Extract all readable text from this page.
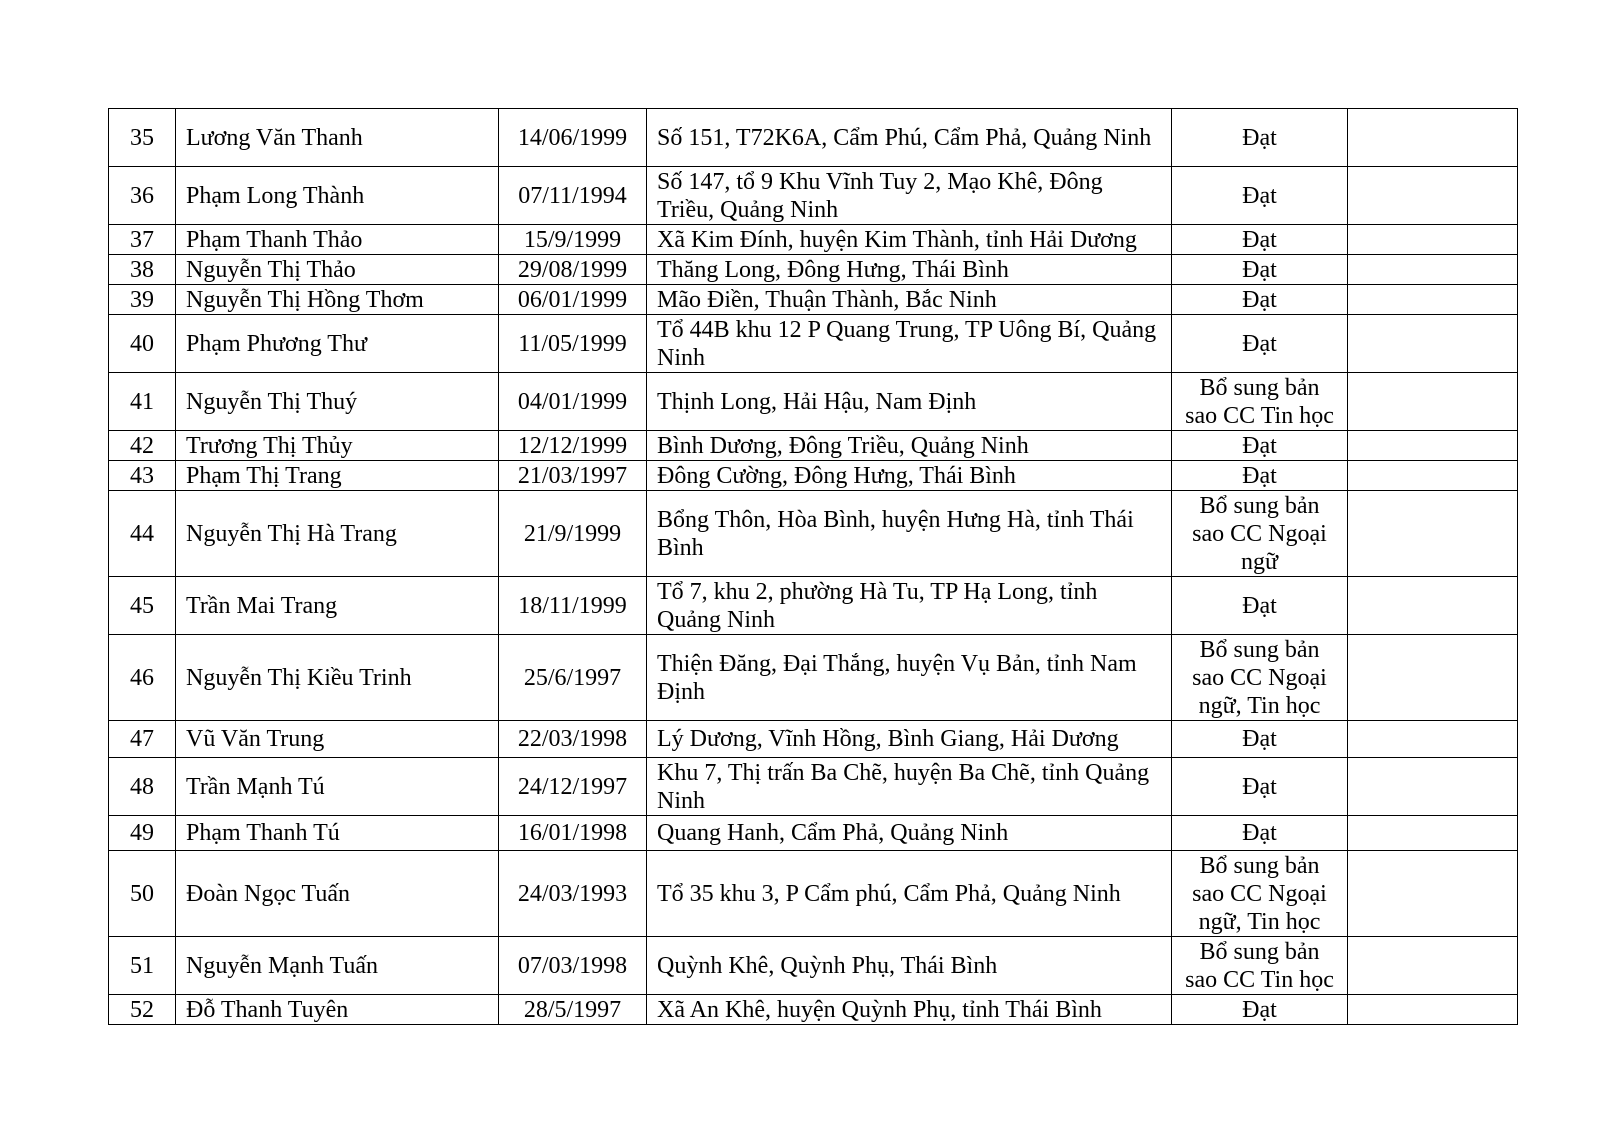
35	Lương Văn Thanh	14/06/1999	Số 151, T72K6A, Cẩm Phú, Cẩm Phả, Quảng Ninh	Đạt	
36	Phạm Long Thành	07/11/1994	Số 147, tổ 9 Khu Vĩnh Tuy 2, Mạo Khê, Đông Triều, Quảng Ninh	Đạt	
37	Phạm Thanh Thảo	15/9/1999	Xã Kim Đính, huyện Kim Thành, tỉnh Hải Dương	Đạt	
38	Nguyễn Thị Thảo	29/08/1999	Thăng Long, Đông Hưng, Thái Bình	Đạt	
39	Nguyễn Thị Hồng Thơm	06/01/1999	Mão Điền, Thuận Thành, Bắc Ninh	Đạt	
40	Phạm Phương Thư	11/05/1999	Tổ 44B khu 12 P Quang Trung, TP Uông Bí, Quảng Ninh	Đạt	
41	Nguyễn Thị Thuý	04/01/1999	Thịnh Long, Hải Hậu, Nam Định	Bổ sung bản sao CC Tin học	
42	Trương Thị Thủy	12/12/1999	Bình Dương, Đông Triều, Quảng Ninh	Đạt	
43	Phạm Thị Trang	21/03/1997	Đông Cường, Đông Hưng, Thái Bình	Đạt	
44	Nguyễn Thị Hà Trang	21/9/1999	Bổng Thôn, Hòa Bình, huyện Hưng Hà, tỉnh Thái Bình	Bổ sung bản sao CC Ngoại ngữ	
45	Trần Mai Trang	18/11/1999	Tổ 7, khu 2, phường Hà Tu, TP Hạ Long, tỉnh Quảng Ninh	Đạt	
46	Nguyễn Thị Kiều Trinh	25/6/1997	Thiện Đăng, Đại Thắng, huyện Vụ Bản, tỉnh Nam Định	Bổ sung bản sao CC Ngoại ngữ, Tin học	
47	Vũ Văn Trung	22/03/1998	Lý Dương, Vĩnh Hồng, Bình Giang, Hải Dương	Đạt	
48	Trần Mạnh Tú	24/12/1997	Khu 7, Thị trấn Ba Chẽ, huyện Ba Chẽ, tỉnh Quảng Ninh	Đạt	
49	Phạm Thanh Tú	16/01/1998	Quang Hanh, Cẩm Phả, Quảng Ninh	Đạt	
50	Đoàn Ngọc Tuấn	24/03/1993	Tổ 35 khu 3, P Cẩm phú, Cẩm Phả, Quảng Ninh	Bổ sung bản sao CC Ngoại ngữ, Tin học	
51	Nguyễn Mạnh Tuấn	07/03/1998	Quỳnh Khê, Quỳnh Phụ, Thái Bình	Bổ sung bản sao CC Tin học	
52	Đỗ Thanh Tuyên	28/5/1997	Xã An Khê, huyện Quỳnh Phụ, tỉnh Thái Bình	Đạt	
